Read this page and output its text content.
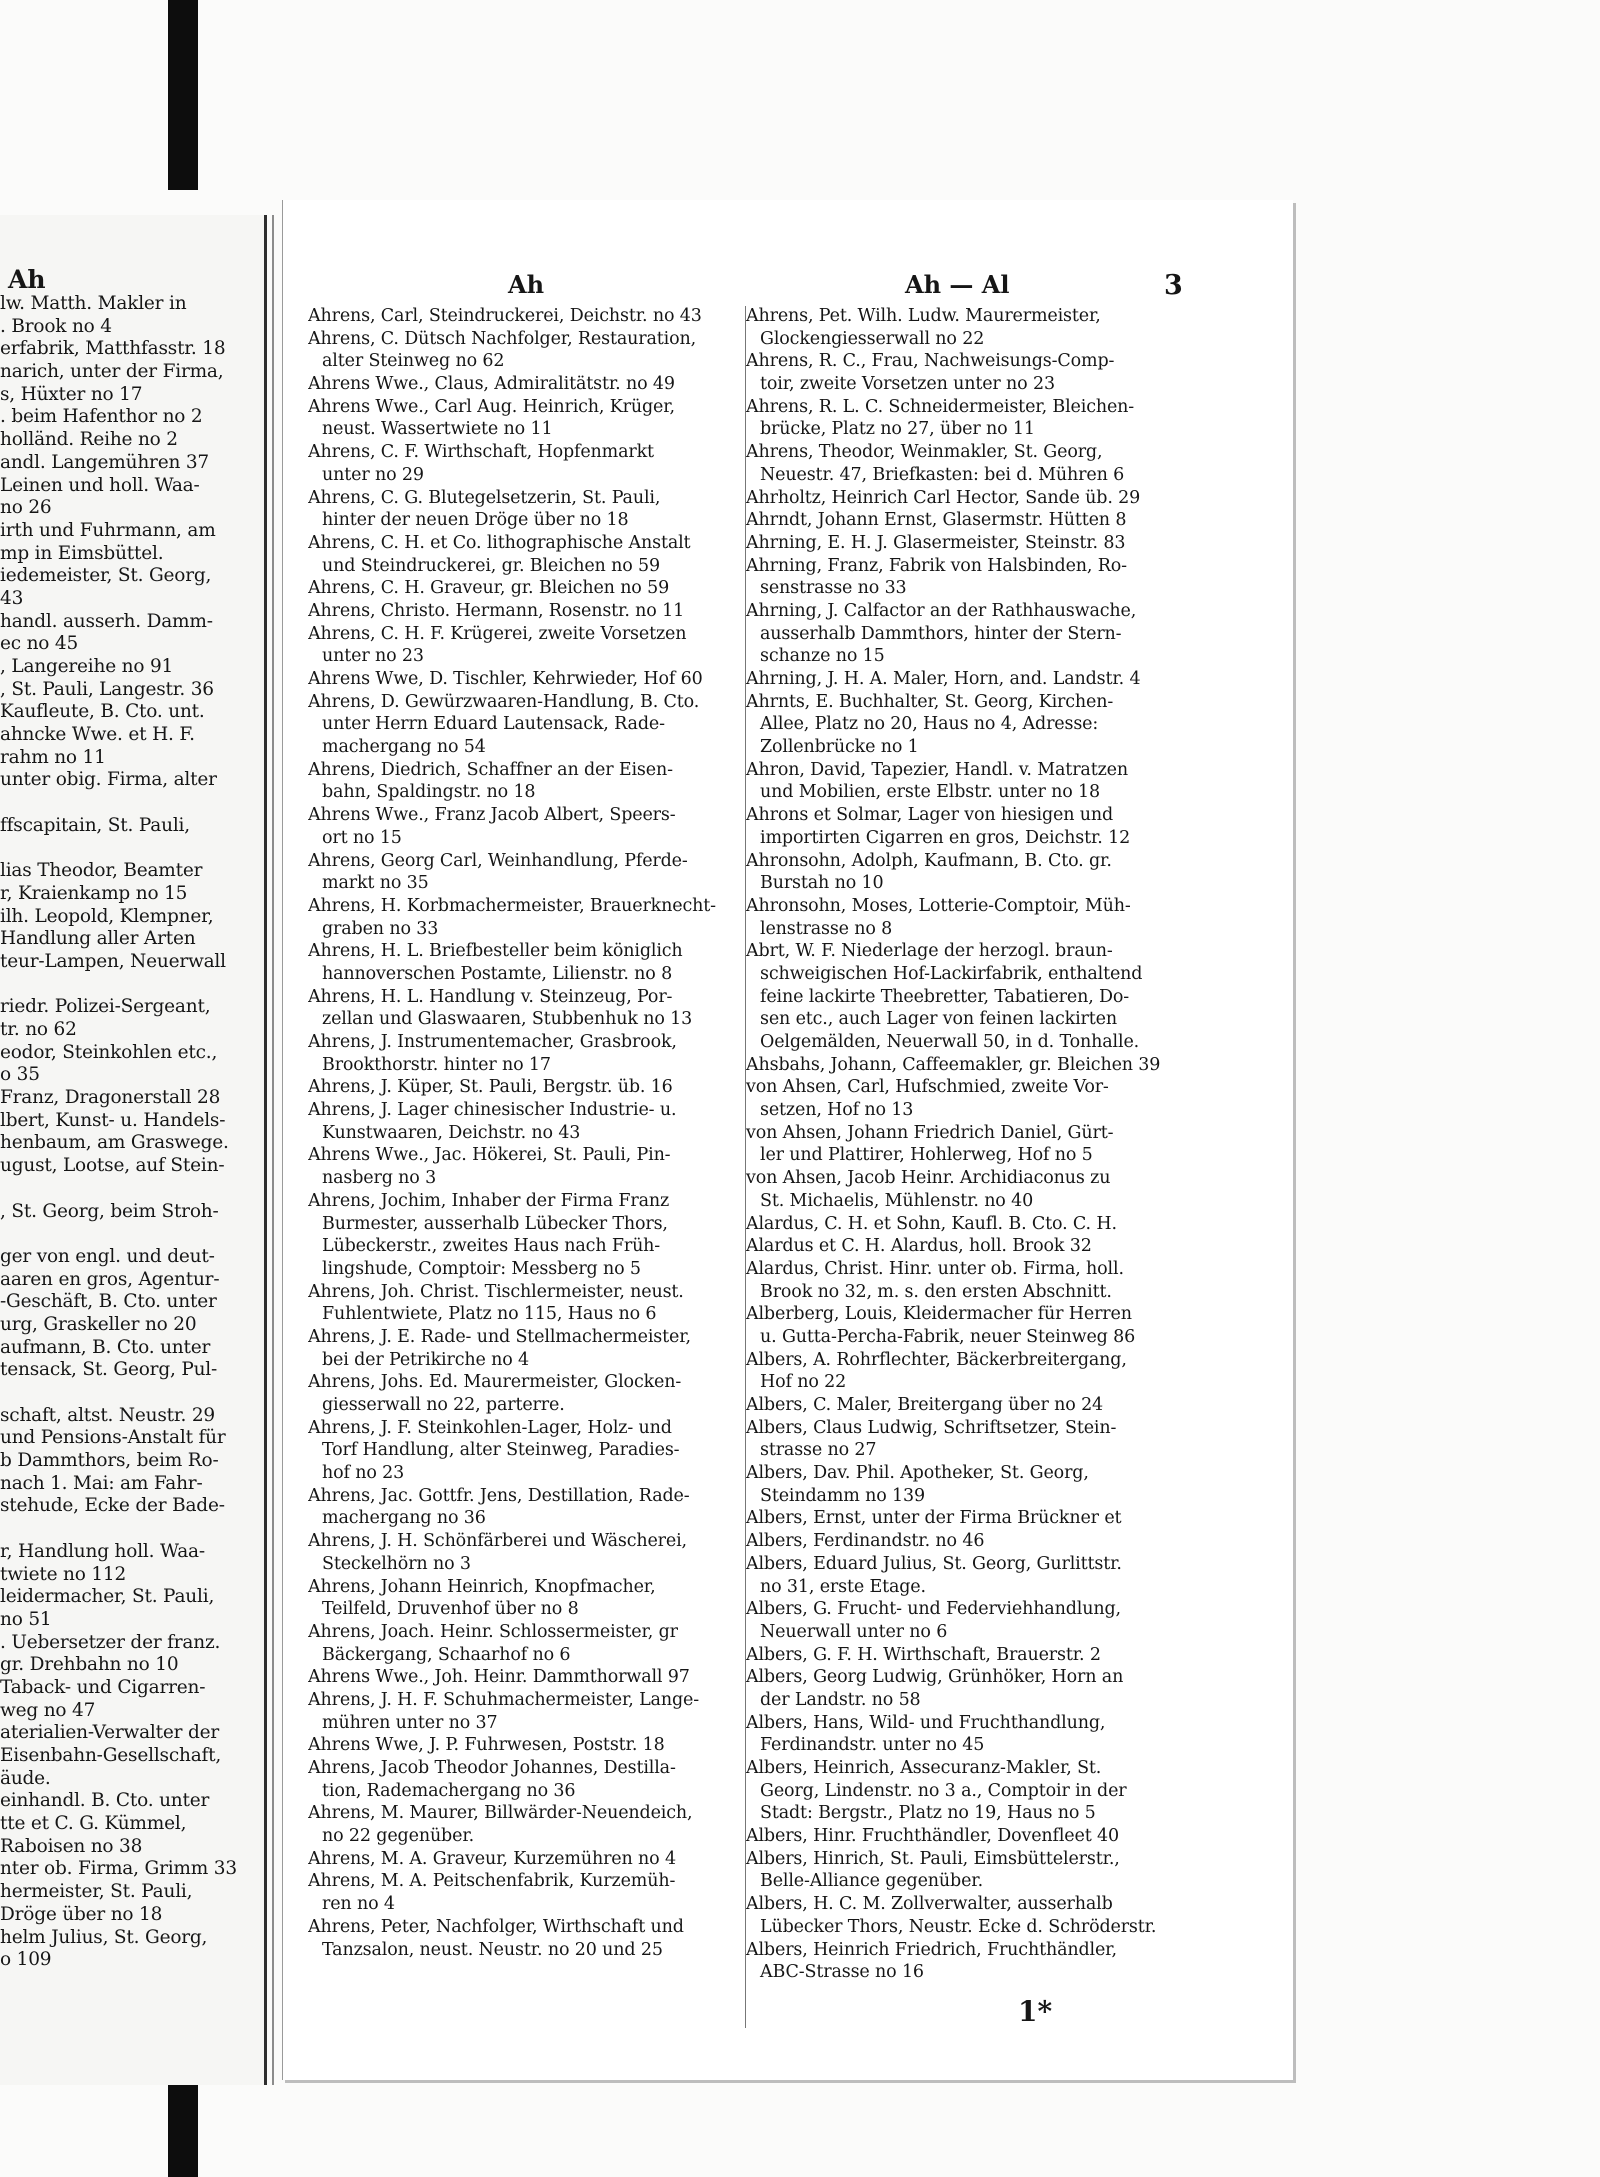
Ah
lw. Matth. Makler in
. Brook no 4
erfabrik, Matthfasstr. 18
narich, unter der Firma,
s, Hüxter no 17
. beim Hafenthor no 2
holländ. Reihe no 2
andl. Langemühren 37
Leinen und holl. Waa-
no 26
irth und Fuhrmann, am
mp in Eimsbüttel.
iedemeister, St. Georg,
43
handl. ausserh. Damm-
ec no 45
, Langereihe no 91
, St. Pauli, Langestr. 36
Kaufleute, B. Cto. unt.
ahncke Wwe. et H. F.
rahm no 11
unter obig. Firma, alter
ffscapitain, St. Pauli,
lias Theodor, Beamter
r, Kraienkamp no 15
ilh. Leopold, Klempner,
Handlung aller Arten
teur-Lampen, Neuerwall
riedr. Polizei-Sergeant,
tr. no 62
eodor, Steinkohlen etc.,
o 35
Franz, Dragonerstall 28
lbert, Kunst- u. Handels-
henbaum, am Graswege.
ugust, Lootse, auf Stein-
, St. Georg, beim Stroh-
ger von engl. und deut-
aaren en gros, Agentur-
-Geschäft, B. Cto. unter
urg, Graskeller no 20
aufmann, B. Cto. unter
tensack, St. Georg, Pul-
schaft, altst. Neustr. 29
und Pensions-Anstalt für
b Dammthors, beim Ro-
nach 1. Mai: am Fahr-
stehude, Ecke der Bade-
r, Handlung holl. Waa-
twiete no 112
leidermacher, St. Pauli,
no 51
. Uebersetzer der franz.
gr. Drehbahn no 10
Taback- und Cigarren-
weg no 47
aterialien-Verwalter der
Eisenbahn-Gesellschaft,
äude.
einhandl. B. Cto. unter
tte et C. G. Kümmel,
Raboisen no 38
nter ob. Firma, Grimm 33
hermeister, St. Pauli,
Dröge über no 18
helm Julius, St. Georg,
o 109
Ah	Ah — Al	3
Ahrens, Carl, Steindruckerei, Deichstr. no 43
Ahrens, C. Dütsch Nachfolger, Restauration,
alter Steinweg no 62
Ahrens Wwe., Claus, Admiralitätstr. no 49
Ahrens Wwe., Carl Aug. Heinrich, Krüger,
neust. Wassertwiete no 11
Ahrens, C. F. Wirthschaft, Hopfenmarkt
unter no 29
Ahrens, C. G. Blutegelsetzerin, St. Pauli,
hinter der neuen Dröge über no 18
Ahrens, C. H. et Co. lithographische Anstalt
und Steindruckerei, gr. Bleichen no 59
Ahrens, C. H. Graveur, gr. Bleichen no 59
Ahrens, Christo. Hermann, Rosenstr. no 11
Ahrens, C. H. F. Krügerei, zweite Vorsetzen
unter no 23
Ahrens Wwe, D. Tischler, Kehrwieder, Hof 60
Ahrens, D. Gewürzwaaren-Handlung, B. Cto.
unter Herrn Eduard Lautensack, Rade-
machergang no 54
Ahrens, Diedrich, Schaffner an der Eisen-
bahn, Spaldingstr. no 18
Ahrens Wwe., Franz Jacob Albert, Speers-
ort no 15
Ahrens, Georg Carl, Weinhandlung, Pferde-
markt no 35
Ahrens, H. Korbmachermeister, Brauerknecht-
graben no 33
Ahrens, H. L. Briefbesteller beim königlich
hannoverschen Postamte, Lilienstr. no 8
Ahrens, H. L. Handlung v. Steinzeug, Por-
zellan und Glaswaaren, Stubbenhuk no 13
Ahrens, J. Instrumentemacher, Grasbrook,
Brookthorstr. hinter no 17
Ahrens, J. Küper, St. Pauli, Bergstr. üb. 16
Ahrens, J. Lager chinesischer Industrie- u.
Kunstwaaren, Deichstr. no 43
Ahrens Wwe., Jac. Hökerei, St. Pauli, Pin-
nasberg no 3
Ahrens, Jochim, Inhaber der Firma Franz
Burmester, ausserhalb Lübecker Thors,
Lübeckerstr., zweites Haus nach Früh-
lingshude, Comptoir: Messberg no 5
Ahrens, Joh. Christ. Tischlermeister, neust.
Fuhlentwiete, Platz no 115, Haus no 6
Ahrens, J. E. Rade- und Stellmachermeister,
bei der Petrikirche no 4
Ahrens, Johs. Ed. Maurermeister, Glocken-
giesserwall no 22, parterre.
Ahrens, J. F. Steinkohlen-Lager, Holz- und
Torf Handlung, alter Steinweg, Paradies-
hof no 23
Ahrens, Jac. Gottfr. Jens, Destillation, Rade-
machergang no 36
Ahrens, J. H. Schönfärberei und Wäscherei,
Steckelhörn no 3
Ahrens, Johann Heinrich, Knopfmacher,
Teilfeld, Druvenhof über no 8
Ahrens, Joach. Heinr. Schlossermeister, gr
Bäckergang, Schaarhof no 6
Ahrens Wwe., Joh. Heinr. Dammthorwall 97
Ahrens, J. H. F. Schuhmachermeister, Lange-
mühren unter no 37
Ahrens Wwe, J. P. Fuhrwesen, Poststr. 18
Ahrens, Jacob Theodor Johannes, Destilla-
tion, Rademachergang no 36
Ahrens, M. Maurer, Billwärder-Neuendeich,
no 22 gegenüber.
Ahrens, M. A. Graveur, Kurzemühren no 4
Ahrens, M. A. Peitschenfabrik, Kurzemüh-
ren no 4
Ahrens, Peter, Nachfolger, Wirthschaft und
Tanzsalon, neust. Neustr. no 20 und 25
Ahrens, Pet. Wilh. Ludw. Maurermeister,
Glockengiesserwall no 22
Ahrens, R. C., Frau, Nachweisungs-Comp-
toir, zweite Vorsetzen unter no 23
Ahrens, R. L. C. Schneidermeister, Bleichen-
brücke, Platz no 27, über no 11
Ahrens, Theodor, Weinmakler, St. Georg,
Neuestr. 47, Briefkasten: bei d. Mühren 6
Ahrholtz, Heinrich Carl Hector, Sande üb. 29
Ahrndt, Johann Ernst, Glasermstr. Hütten 8
Ahrning, E. H. J. Glasermeister, Steinstr. 83
Ahrning, Franz, Fabrik von Halsbinden, Ro-
senstrasse no 33
Ahrning, J. Calfactor an der Rathhauswache,
ausserhalb Dammthors, hinter der Stern-
schanze no 15
Ahrning, J. H. A. Maler, Horn, and. Landstr. 4
Ahrnts, E. Buchhalter, St. Georg, Kirchen-
Allee, Platz no 20, Haus no 4, Adresse:
Zollenbrücke no 1
Ahron, David, Tapezier, Handl. v. Matratzen
und Mobilien, erste Elbstr. unter no 18
Ahrons et Solmar, Lager von hiesigen und
importirten Cigarren en gros, Deichstr. 12
Ahronsohn, Adolph, Kaufmann, B. Cto. gr.
Burstah no 10
Ahronsohn, Moses, Lotterie-Comptoir, Müh-
lenstrasse no 8
Abrt, W. F. Niederlage der herzogl. braun-
schweigischen Hof-Lackirfabrik, enthaltend
feine lackirte Theebretter, Tabatieren, Do-
sen etc., auch Lager von feinen lackirten
Oelgemälden, Neuerwall 50, in d. Tonhalle.
Ahsbahs, Johann, Caffeemakler, gr. Bleichen 39
von Ahsen, Carl, Hufschmied, zweite Vor-
setzen, Hof no 13
von Ahsen, Johann Friedrich Daniel, Gürt-
ler und Plattirer, Hohlerweg, Hof no 5
von Ahsen, Jacob Heinr. Archidiaconus zu
St. Michaelis, Mühlenstr. no 40
Alardus, C. H. et Sohn, Kaufl. B. Cto. C. H.
Alardus et C. H. Alardus, holl. Brook 32
Alardus, Christ. Hinr. unter ob. Firma, holl.
Brook no 32, m. s. den ersten Abschnitt.
Alberberg, Louis, Kleidermacher für Herren
u. Gutta-Percha-Fabrik, neuer Steinweg 86
Albers, A. Rohrflechter, Bäckerbreitergang,
Hof no 22
Albers, C. Maler, Breitergang über no 24
Albers, Claus Ludwig, Schriftsetzer, Stein-
strasse no 27
Albers, Dav. Phil. Apotheker, St. Georg,
Steindamm no 139
Albers, Ernst, unter der Firma Brückner et
Albers, Ferdinandstr. no 46
Albers, Eduard Julius, St. Georg, Gurlittstr.
no 31, erste Etage.
Albers, G. Frucht- und Federviehhandlung,
Neuerwall unter no 6
Albers, G. F. H. Wirthschaft, Brauerstr. 2
Albers, Georg Ludwig, Grünhöker, Horn an
der Landstr. no 58
Albers, Hans, Wild- und Fruchthandlung,
Ferdinandstr. unter no 45
Albers, Heinrich, Assecuranz-Makler, St.
Georg, Lindenstr. no 3 a., Comptoir in der
Stadt: Bergstr., Platz no 19, Haus no 5
Albers, Hinr. Fruchthändler, Dovenfleet 40
Albers, Hinrich, St. Pauli, Eimsbüttelerstr.,
Belle-Alliance gegenüber.
Albers, H. C. M. Zollverwalter, ausserhalb
Lübecker Thors, Neustr. Ecke d. Schröderstr.
Albers, Heinrich Friedrich, Fruchthändler,
ABC-Strasse no 16
1*
